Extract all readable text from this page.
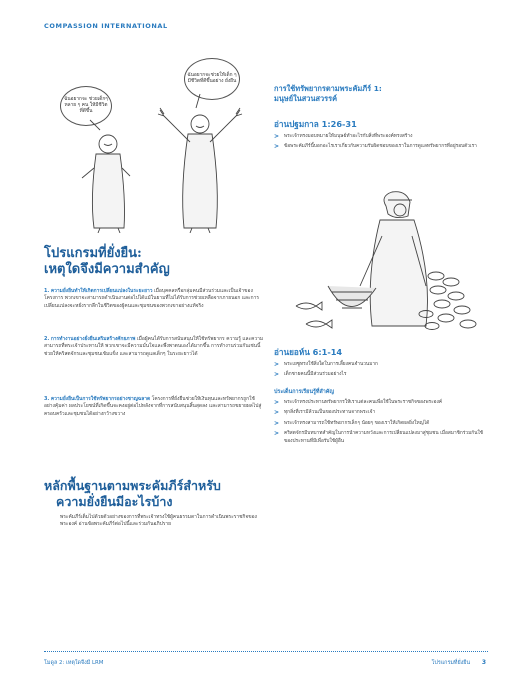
COMPASSION INTERNATIONAL
ฉันอยากจะ ช่วยเด็กๆหลาย ๆ คน ให้มีชีวิตที่ดีขึ้น
ฉันอยากจะช่วยให้เด็ก ๆ มีชีวิตที่ดีขึ้นอย่าง ยั่งยืน
โปรแกรมที่ยั่งยืน:
เหตุใดจึงมีความสำคัญ
1. ความยั่งยืนทำให้เกิดการเปลี่ยนแปลงในระยะยาว เมื่อบุคคลหรือกลุ่มคนมีส่วนร่วมและเป็นเจ้าของโครงการ พวกเขาจะสามารถดำเนินงานต่อไปได้แม้ในยามที่ไม่ได้รับการช่วยเหลือจากภายนอก และการเปลี่ยนแปลงจะหยั่งรากลึกในชีวิตของผู้คนและชุมชนของพวกเขาอย่างแท้จริง
2. การทำงานอย่างยั่งยืนเสริมสร้างศักยภาพ เมื่อผู้คนได้รับการสนับสนุนให้ใช้ทรัพยากร ความรู้ และความสามารถที่พระเจ้าประทานให้ พวกเขาจะมีความมั่นใจและพึ่งพาตนเองได้มากขึ้น การทำงานร่วมกันเช่นนี้ช่วยให้คริสตจักรและชุมชนเข้มแข็ง และสามารถดูแลเด็กๆ ในระยะยาวได้
3. ความยั่งยืนเป็นการใช้ทรัพยากรอย่างชาญฉลาด โครงการที่ยั่งยืนช่วยให้เงินทุนและทรัพยากรถูกใช้อย่างคุ้มค่า ผลประโยชน์ที่เกิดขึ้นจะคงอยู่ต่อไปหลังจากที่การสนับสนุนสิ้นสุดลง และสามารถขยายผลไปสู่ครอบครัวและชุมชนได้อย่างกว้างขวาง
หลักพื้นฐานตามพระคัมภีร์สำหรับ
ความยั่งยืนมีอะไรบ้าง
พระคัมภีร์เต็มไปด้วยตัวอย่างของการที่พระเจ้าทรงใช้ผู้คนธรรมดาในการดำเนินพระราชกิจของพระองค์ อ่านข้อพระคัมภีร์ต่อไปนี้และร่วมกันอภิปราย
การใช้ทรัพยากรตามพระคัมภีร์ 1:
มนุษย์ในสวนสวรรค์
อ่านปฐมกาล 1:26-31
> พระเจ้าทรงมอบหมายให้มนุษย์ทำอะไรกับสิ่งที่พระองค์ทรงสร้าง
> ข้อพระคัมภีร์นี้บอกอะไรเราเกี่ยวกับความรับผิดชอบของเราในการดูแลทรัพยากรที่อยู่รอบตัวเรา
อ่านยอห์น 6:1-14
> พระเยซูทรงใช้สิ่งใดในการเลี้ยงคนจำนวนมาก
> เด็กชายคนนี้มีส่วนร่วมอย่างไร
ประเด็นการเรียนรู้ที่สำคัญ
> พระเจ้าทรงประทานทรัพยากรให้เราแต่ละคนเพื่อใช้ในพระราชกิจของพระองค์
> ทุกสิ่งที่เรามีล้วนเป็นของประทานจากพระเจ้า
> พระเจ้าทรงสามารถใช้ทรัพยากรเล็กๆ น้อยๆ ของเราให้เกิดผลยิ่งใหญ่ได้
> คริสตจักรมีบทบาทสำคัญในการนำความหวังและการเปลี่ยนแปลงมาสู่ชุมชน เมื่อสมาชิกร่วมกันใช้ของประทานที่มีเพื่อรับใช้ผู้อื่น
โมดูล 2: เหตุใดจึงมี LRM	โปรแกรมที่ยั่งยืน 3
